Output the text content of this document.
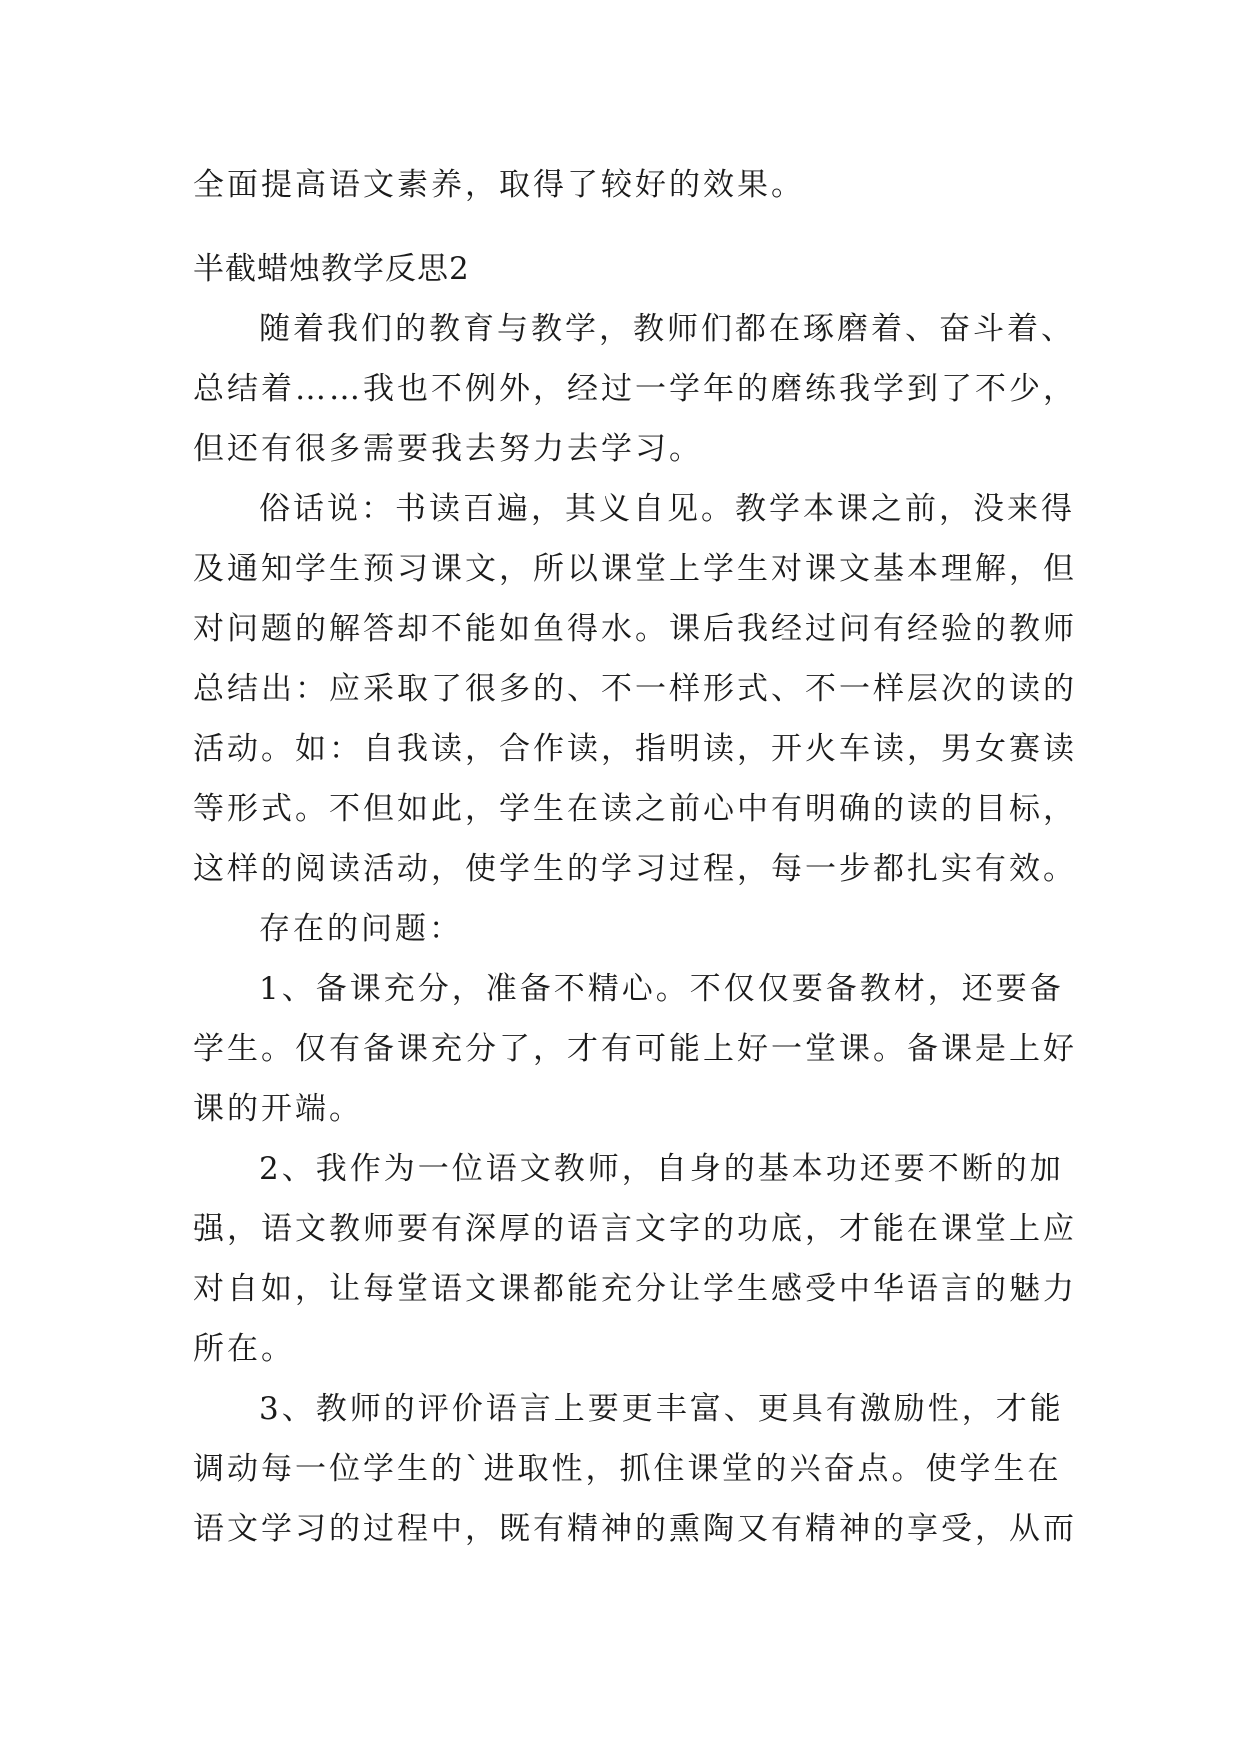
全面提高语文素养，取得了较好的效果。
半截蜡烛教学反思2
随着我们的教育与教学，教师们都在琢磨着、奋斗着、
总结着……我也不例外，经过一学年的磨练我学到了不少，
但还有很多需要我去努力去学习。
俗话说：书读百遍，其义自见。教学本课之前，没来得
及通知学生预习课文，所以课堂上学生对课文基本理解，但
对问题的解答却不能如鱼得水。课后我经过问有经验的教师
总结出：应采取了很多的、不一样形式、不一样层次的读的
活动。如：自我读，合作读，指明读，开火车读，男女赛读
等形式。不但如此，学生在读之前心中有明确的读的目标，
这样的阅读活动，使学生的学习过程，每一步都扎实有效。
存在的问题：
1、备课充分，准备不精心。不仅仅要备教材，还要备
学生。仅有备课充分了，才有可能上好一堂课。备课是上好
课的开端。
2、我作为一位语文教师，自身的基本功还要不断的加
强，语文教师要有深厚的语言文字的功底，才能在课堂上应
对自如，让每堂语文课都能充分让学生感受中华语言的魅力
所在。
3、教师的评价语言上要更丰富、更具有激励性，才能
调动每一位学生的`进取性，抓住课堂的兴奋点。使学生在
语文学习的过程中，既有精神的熏陶又有精神的享受，从而
